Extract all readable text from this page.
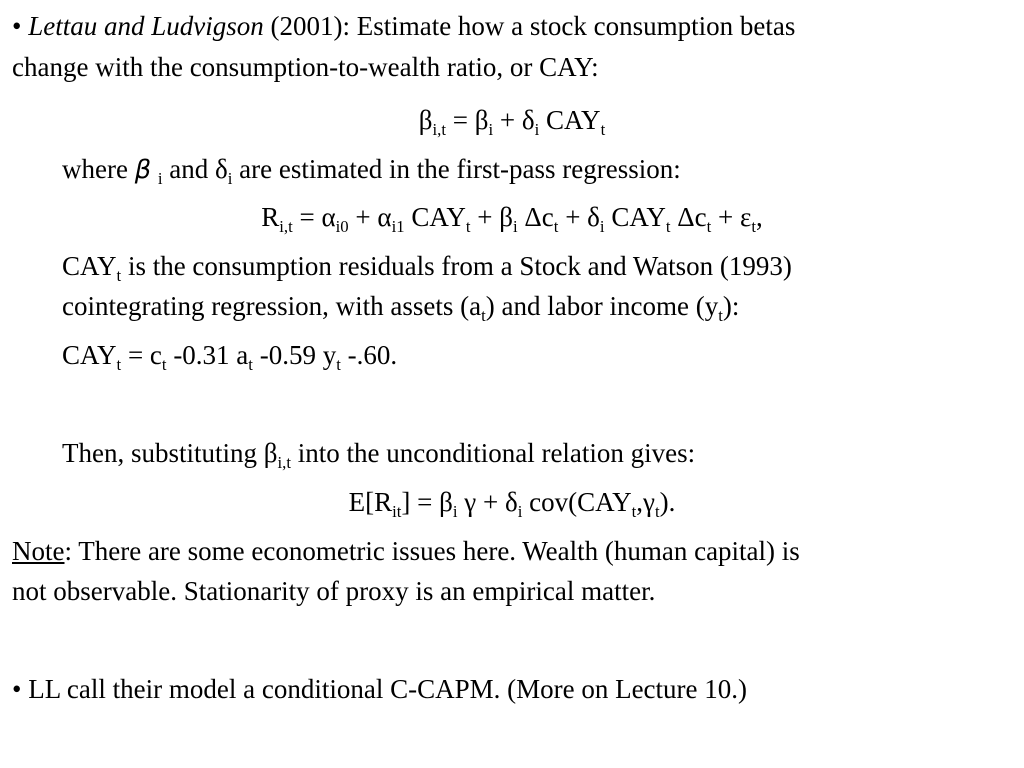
• Lettau and Ludvigson (2001): Estimate how a stock consumption betas
change with the consumption-to-wealth ratio, or CAY:
$\beta_{i,t} = \beta_i + \delta_i$ $CAY_t$
where β $_i$ and $\delta_i$ are estimated in the first-pass regression:
$R_{i,t} = \alpha_{i0} + \alpha_{i1}$ $CAY_t + \beta_i$ $\Delta c_t + \delta_i$ $CAY_t$ $\Delta c_t + \varepsilon_t$,
$CAY_t$ is the consumption residuals from a Stock and Watson (1993)
cointegrating regression, with assets $(a_t)$ and labor income $(y_t)$:
$CAY_t = c_t$ -0.31 $a_t$ -0.59 $y_t$ -.60.
Then, substituting $\beta_{i,t}$ into the unconditional relation gives:
$E[R_{it}] = \beta_i$ $\gamma + \delta_i$ $cov(CAY_t,\gamma_t)$.
Note: There are some econometric issues here. Wealth (human capital) is
not observable. Stationarity of proxy is an empirical matter.
• LL call their model a conditional C-CAPM. (More on Lecture 10.)
